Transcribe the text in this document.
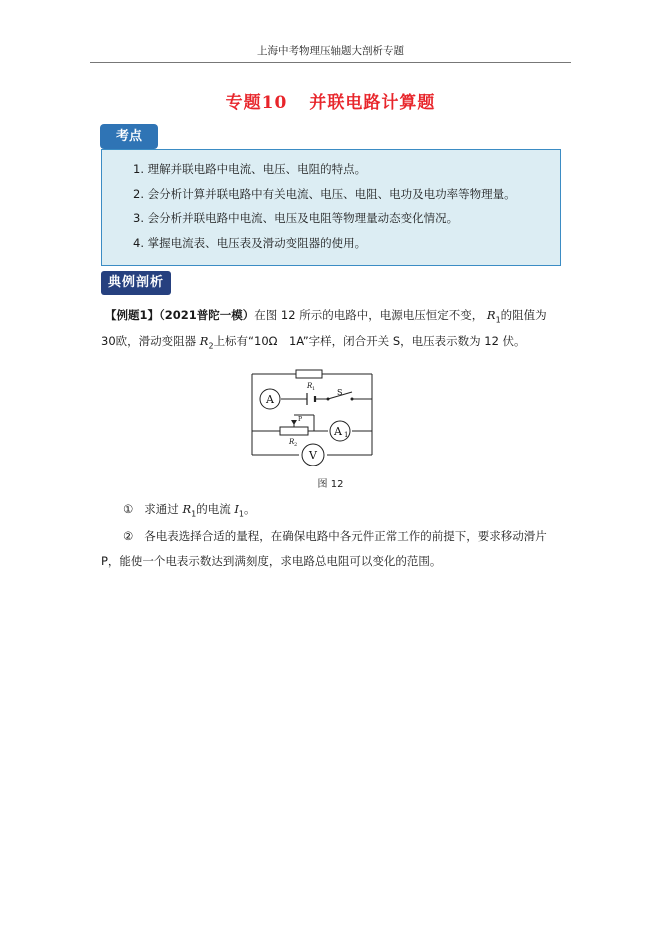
上海中考物理压轴题大剖析专题
专题10 并联电路计算题
考点
1. 理解并联电路中电流、电压、电阻的特点。
2. 会分析计算并联电路中有关电流、电压、电阻、电功及电功率等物理量。
3. 会分析并联电路中电流、电压及电阻等物理量动态变化情况。
4. 掌握电流表、电压表及滑动变阻器的使用。
典例剖析
【例题1】（2021普陀一模）在图 12 所示的电路中，电源电压恒定不变， $R_1$的阻值为
30欧，滑动变阻器 $R_2$上标有“10Ω　1A”字样，闭合开关 S，电压表示数为 12 伏。
A
A 1
V
R 1
R 2
S
P
图 12
① 求通过 $R_1$的电流 $I_1$。
② 各电表选择合适的量程，在确保电路中各元件正常工作的前提下，要求移动滑片
P，能使一个电表示数达到满刻度，求电路总电阻可以变化的范围。
